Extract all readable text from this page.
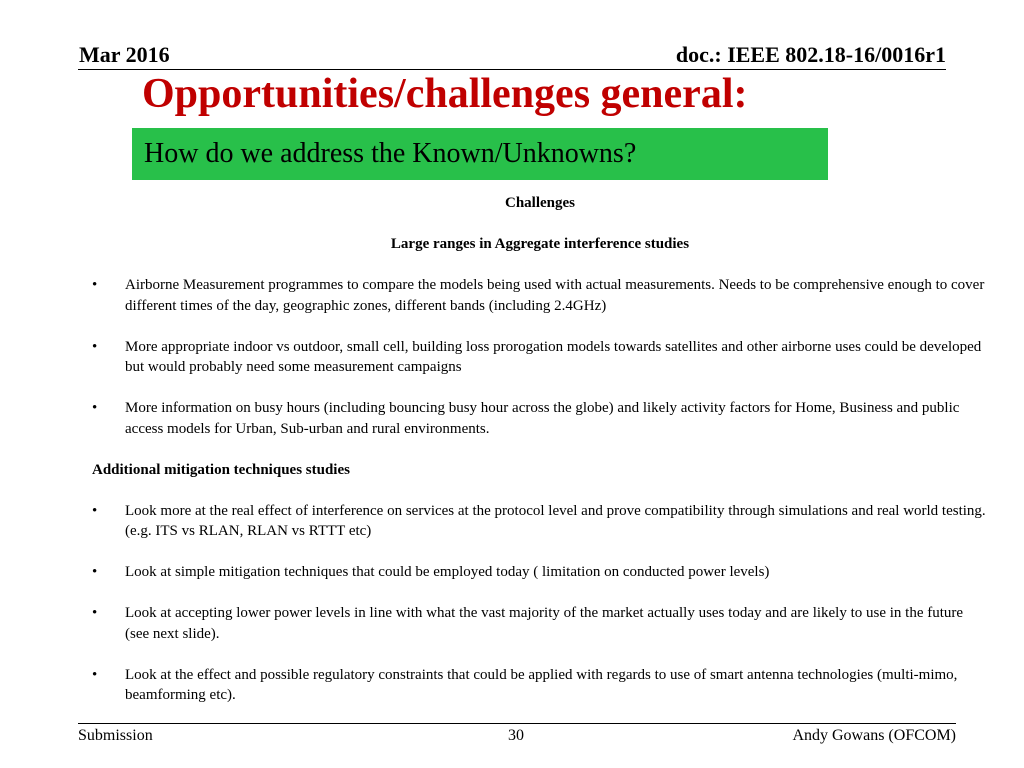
Mar 2016	doc.: IEEE 802.18-16/0016r1
Opportunities/challenges general:
How do we address the Known/Unknowns?
Challenges
Large ranges in Aggregate interference studies
•	Airborne Measurement programmes to compare the models being used with actual measurements. Needs to be comprehensive enough to cover different times of the day, geographic zones, different bands (including 2.4GHz)
•	More appropriate indoor vs outdoor, small cell, building loss prorogation models towards satellites and other airborne uses could be developed but would probably need some measurement campaigns
•	More information on busy hours (including bouncing busy hour across the globe) and likely activity factors for Home, Business and public access models for Urban, Sub-urban and rural environments.
Additional mitigation techniques studies
•	Look more at the real effect of interference on services at the protocol level and prove compatibility through simulations and real world testing.(e.g. ITS vs RLAN, RLAN vs RTTT etc)
•	Look at simple mitigation techniques that could be employed today ( limitation on conducted power levels)
•	Look at accepting lower power levels in line with what the vast majority of the market actually uses today and are likely to use in the future (see next slide).
•	Look at the effect and possible regulatory constraints that could be applied with regards to use of smart antenna technologies (multi-mimo, beamforming etc).
Submission	30	Andy Gowans (OFCOM)
